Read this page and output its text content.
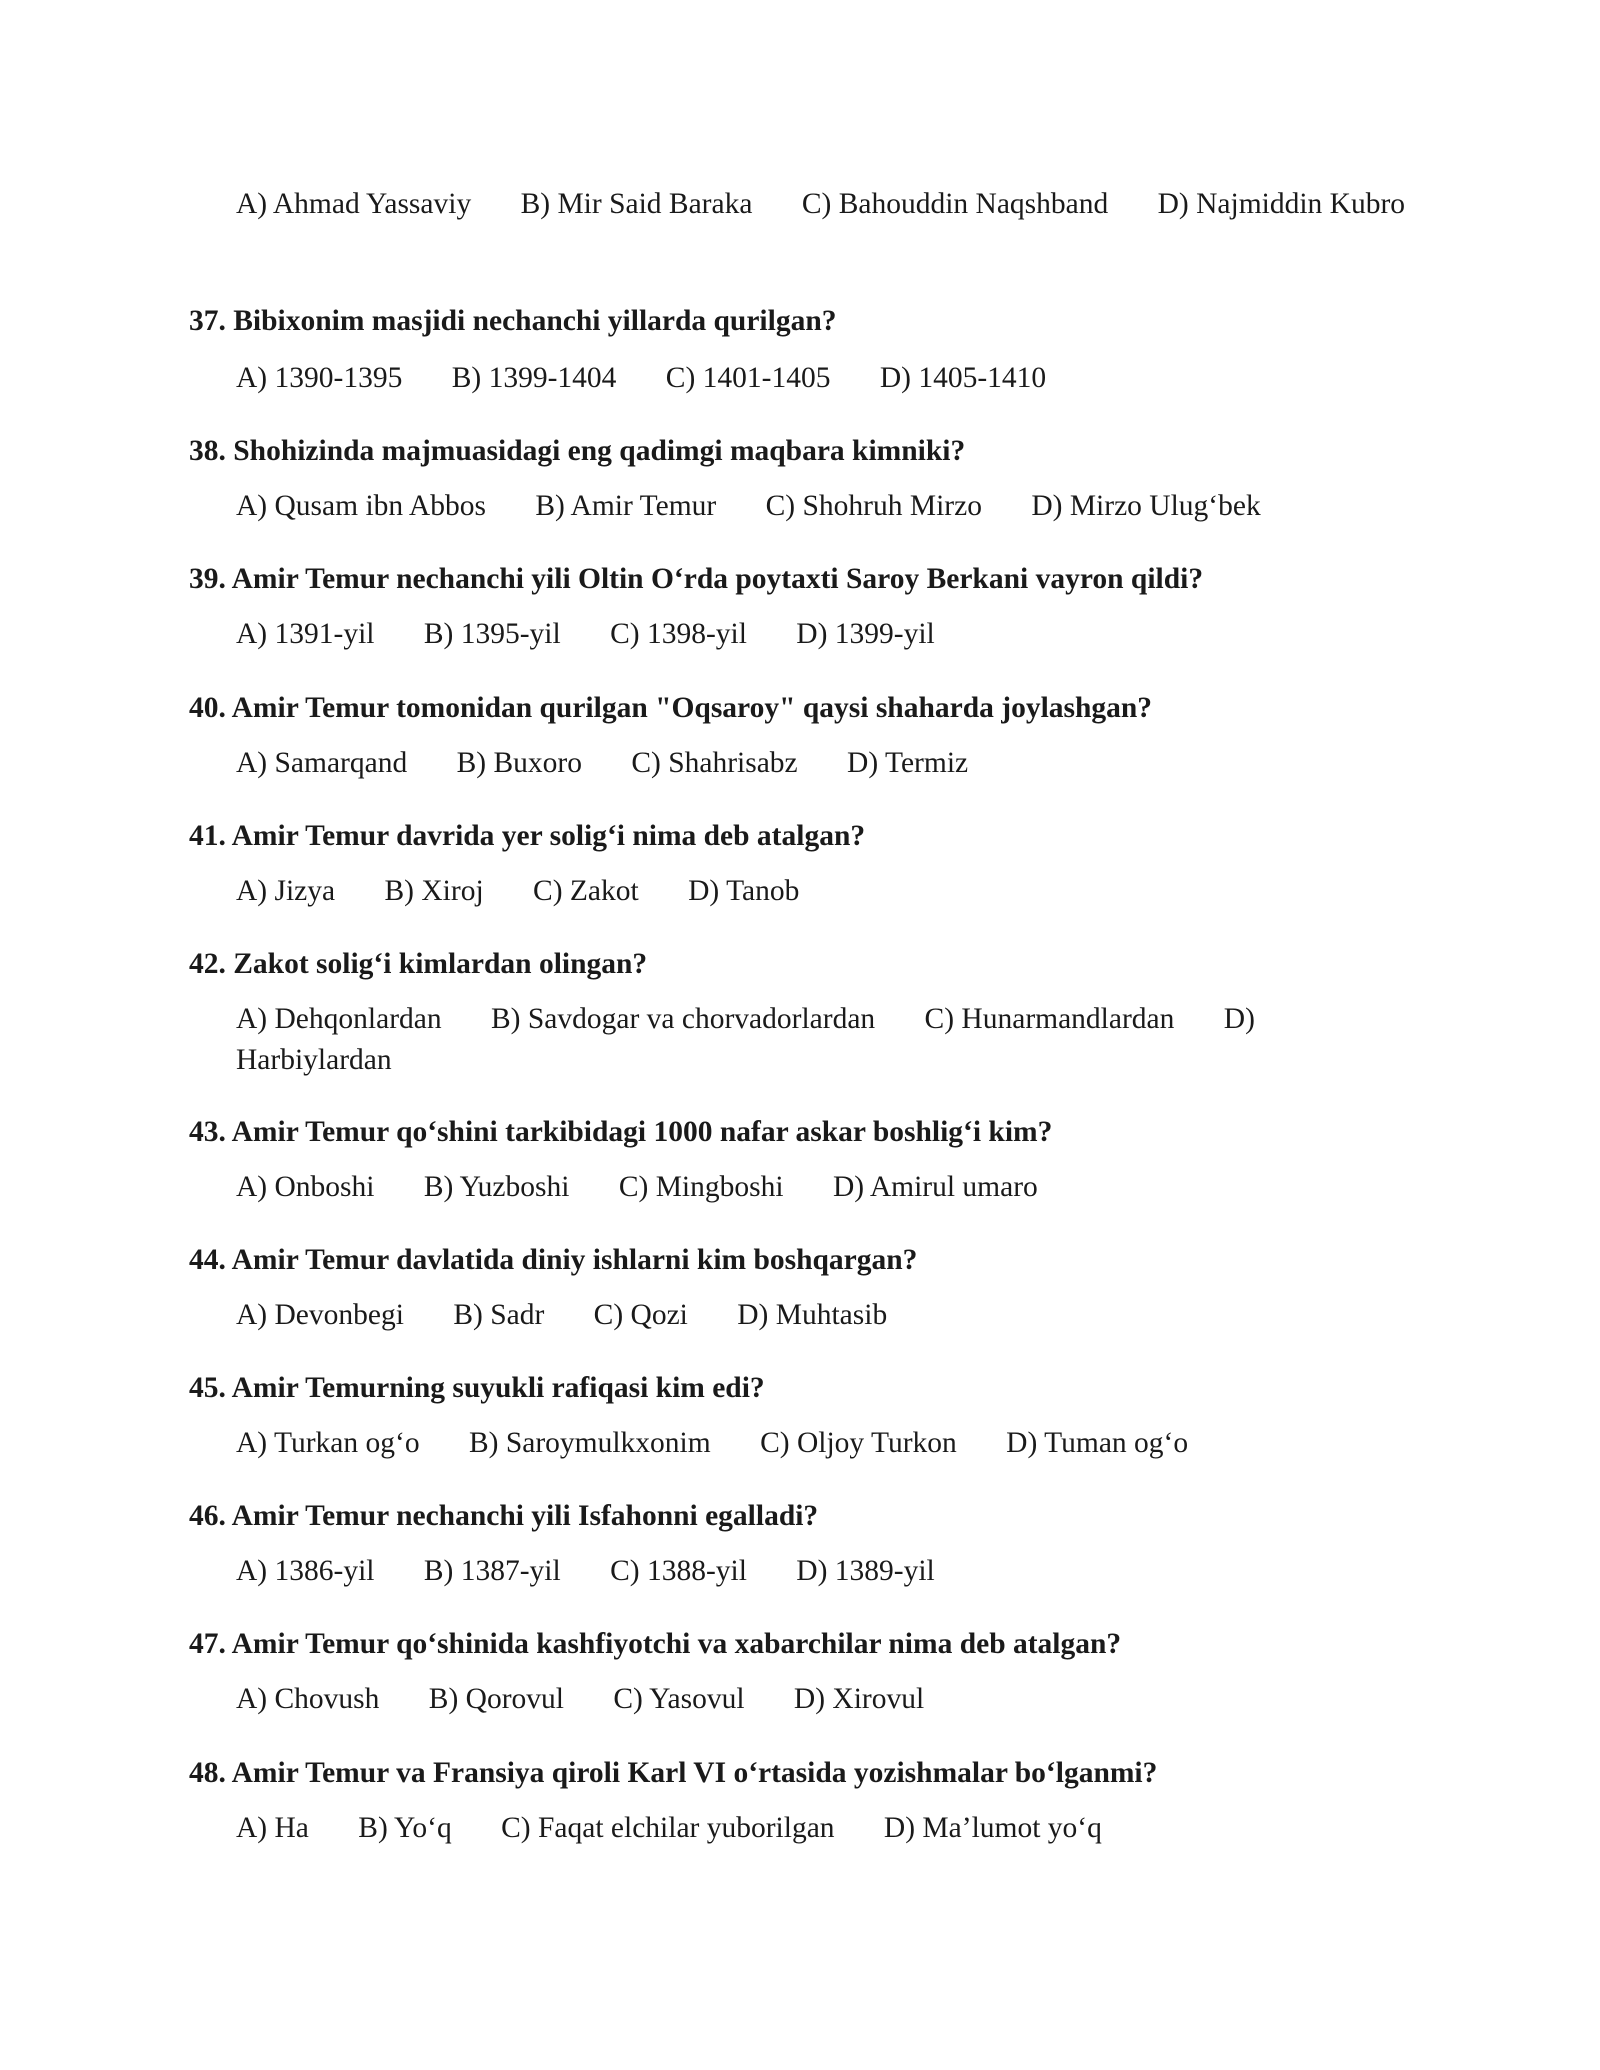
A) Ahmad Yassaviy B) Mir Said Baraka C) Bahouddin Naqshband D) Najmiddin Kubro
37. Bibixonim masjidi nechanchi yillarda qurilgan?
A) 1390-1395 B) 1399-1404 C) 1401-1405 D) 1405-1410
38. Shohizinda majmuasidagi eng qadimgi maqbara kimniki?
A) Qusam ibn Abbos B) Amir Temur C) Shohruh Mirzo D) Mirzo Ulug‘bek
39. Amir Temur nechanchi yili Oltin O‘rda poytaxti Saroy Berkani vayron qildi?
A) 1391-yil B) 1395-yil C) 1398-yil D) 1399-yil
40. Amir Temur tomonidan qurilgan "Oqsaroy" qaysi shaharda joylashgan?
A) Samarqand B) Buxoro C) Shahrisabz D) Termiz
41. Amir Temur davrida yer solig‘i nima deb atalgan?
A) Jizya B) Xiroj C) Zakot D) Tanob
42. Zakot solig‘i kimlardan olingan?
A) Dehqonlardan B) Savdogar va chorvadorlardan C) Hunarmandlardan D) Harbiylardan
43. Amir Temur qo‘shini tarkibidagi 1000 nafar askar boshlig‘i kim?
A) Onboshi B) Yuzboshi C) Mingboshi D) Amirul umaro
44. Amir Temur davlatida diniy ishlarni kim boshqargan?
A) Devonbegi B) Sadr C) Qozi D) Muhtasib
45. Amir Temurning suyukli rafiqasi kim edi?
A) Turkan og‘o B) Saroymulkxonim C) Oljoy Turkon D) Tuman og‘o
46. Amir Temur nechanchi yili Isfahonni egalladi?
A) 1386-yil B) 1387-yil C) 1388-yil D) 1389-yil
47. Amir Temur qo‘shinida kashfiyotchi va xabarchilar nima deb atalgan?
A) Chovush B) Qorovul C) Yasovul D) Xirovul
48. Amir Temur va Fransiya qiroli Karl VI o‘rtasida yozishmalar bo‘lganmi?
A) Ha B) Yo‘q C) Faqat elchilar yuborilgan D) Ma’lumot yo‘q
